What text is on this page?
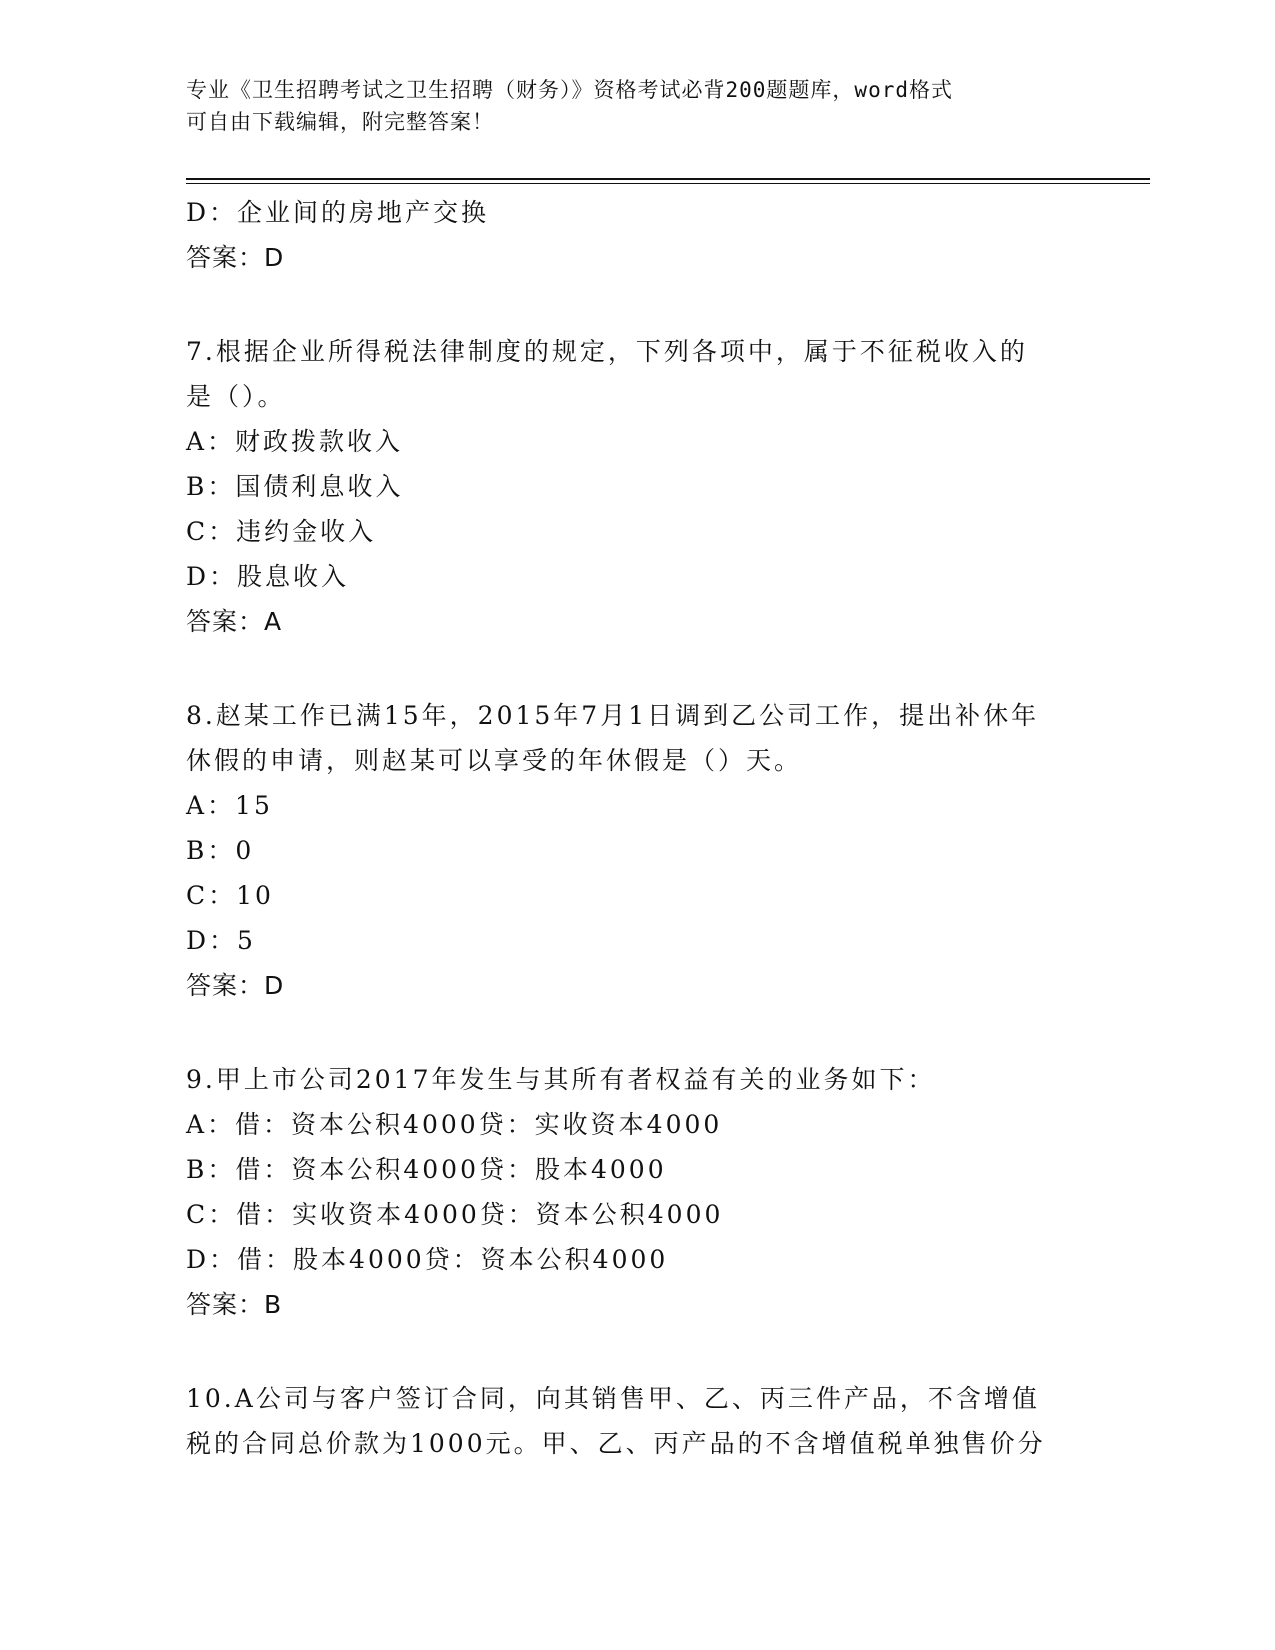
专业《卫生招聘考试之卫生招聘（财务）》资格考试必背200题题库，word格式
可自由下载编辑，附完整答案！
D：企业间的房地产交换
答案：D
7.根据企业所得税法律制度的规定，下列各项中，属于不征税收入的
是（）。
A：财政拨款收入
B：国债利息收入
C：违约金收入
D：股息收入
答案：A
8.赵某工作已满15年，2015年7月1日调到乙公司工作，提出补休年
休假的申请，则赵某可以享受的年休假是（）天。
A：15
B：0
C：10
D：5
答案：D
9.甲上市公司2017年发生与其所有者权益有关的业务如下：
A：借：资本公积4000贷：实收资本4000
B：借：资本公积4000贷：股本4000
C：借：实收资本4000贷：资本公积4000
D：借：股本4000贷：资本公积4000
答案：B
10.A公司与客户签订合同，向其销售甲、乙、丙三件产品，不含增值
税的合同总价款为1000元。甲、乙、丙产品的不含增值税单独售价分
